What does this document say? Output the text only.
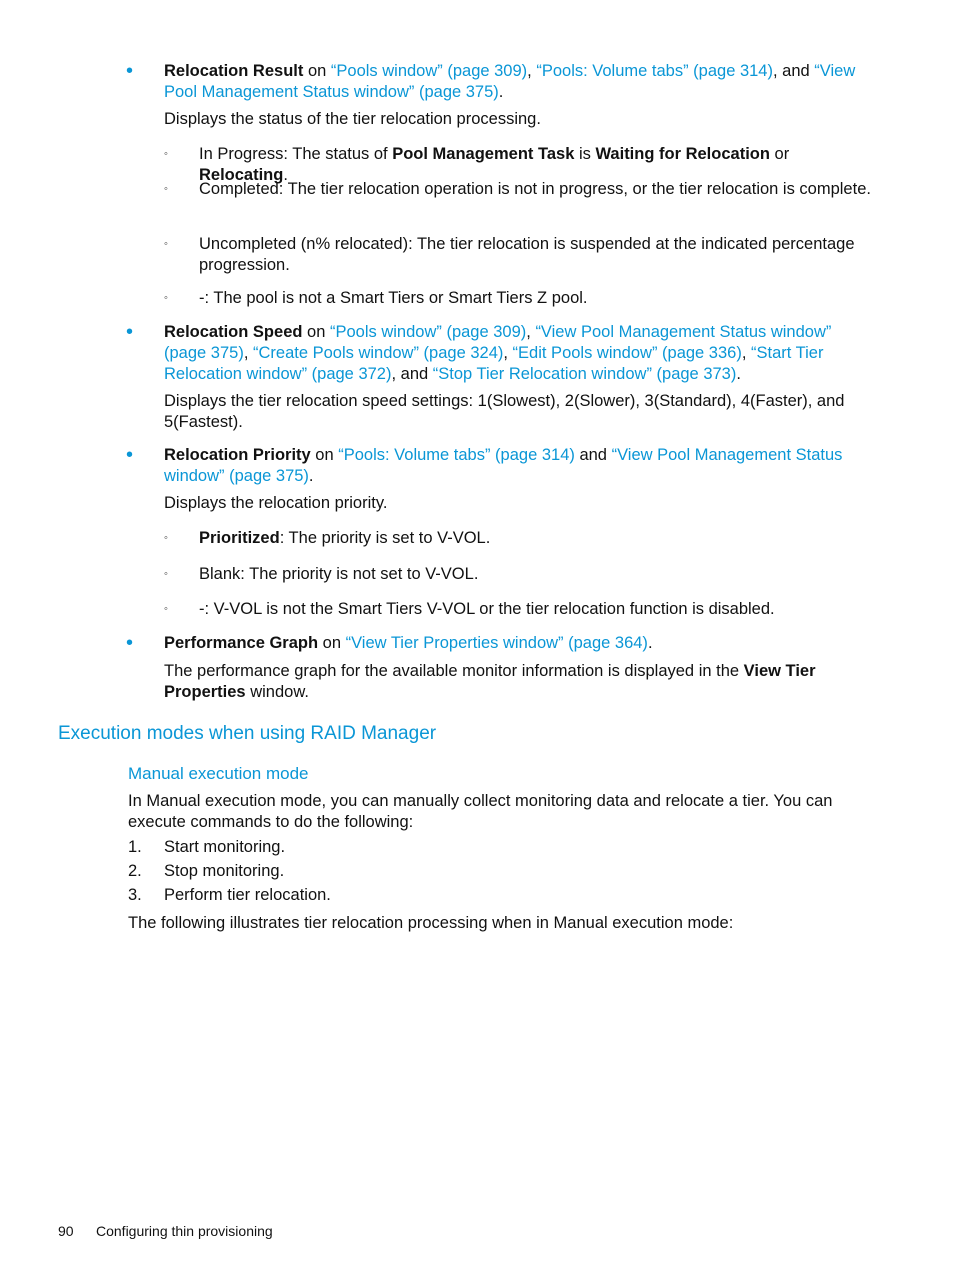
• Relocation Result on “Pools window” (page 309), “Pools: Volume tabs” (page 314), and “View Pool Management Status window” (page 375).
Displays the status of the tier relocation processing.
◦ In Progress: The status of Pool Management Task is Waiting for Relocation or Relocating.
◦ Completed: The tier relocation operation is not in progress, or the tier relocation is complete.
◦ Uncompleted (n% relocated): The tier relocation is suspended at the indicated percentage progression.
◦ -: The pool is not a Smart Tiers or Smart Tiers Z pool.
• Relocation Speed on “Pools window” (page 309), “View Pool Management Status window” (page 375), “Create Pools window” (page 324), “Edit Pools window” (page 336), “Start Tier Relocation window” (page 372), and “Stop Tier Relocation window” (page 373).
Displays the tier relocation speed settings: 1(Slowest), 2(Slower), 3(Standard), 4(Faster), and 5(Fastest).
• Relocation Priority on “Pools: Volume tabs” (page 314) and “View Pool Management Status window” (page 375).
Displays the relocation priority.
◦ Prioritized: The priority is set to V-VOL.
◦ Blank: The priority is not set to V-VOL.
◦ -: V-VOL is not the Smart Tiers V-VOL or the tier relocation function is disabled.
• Performance Graph on “View Tier Properties window” (page 364).
The performance graph for the available monitor information is displayed in the View Tier Properties window.
Execution modes when using RAID Manager
Manual execution mode
In Manual execution mode, you can manually collect monitoring data and relocate a tier. You can execute commands to do the following:
1. Start monitoring.
2. Stop monitoring.
3. Perform tier relocation.
The following illustrates tier relocation processing when in Manual execution mode:
90 Configuring thin provisioning
